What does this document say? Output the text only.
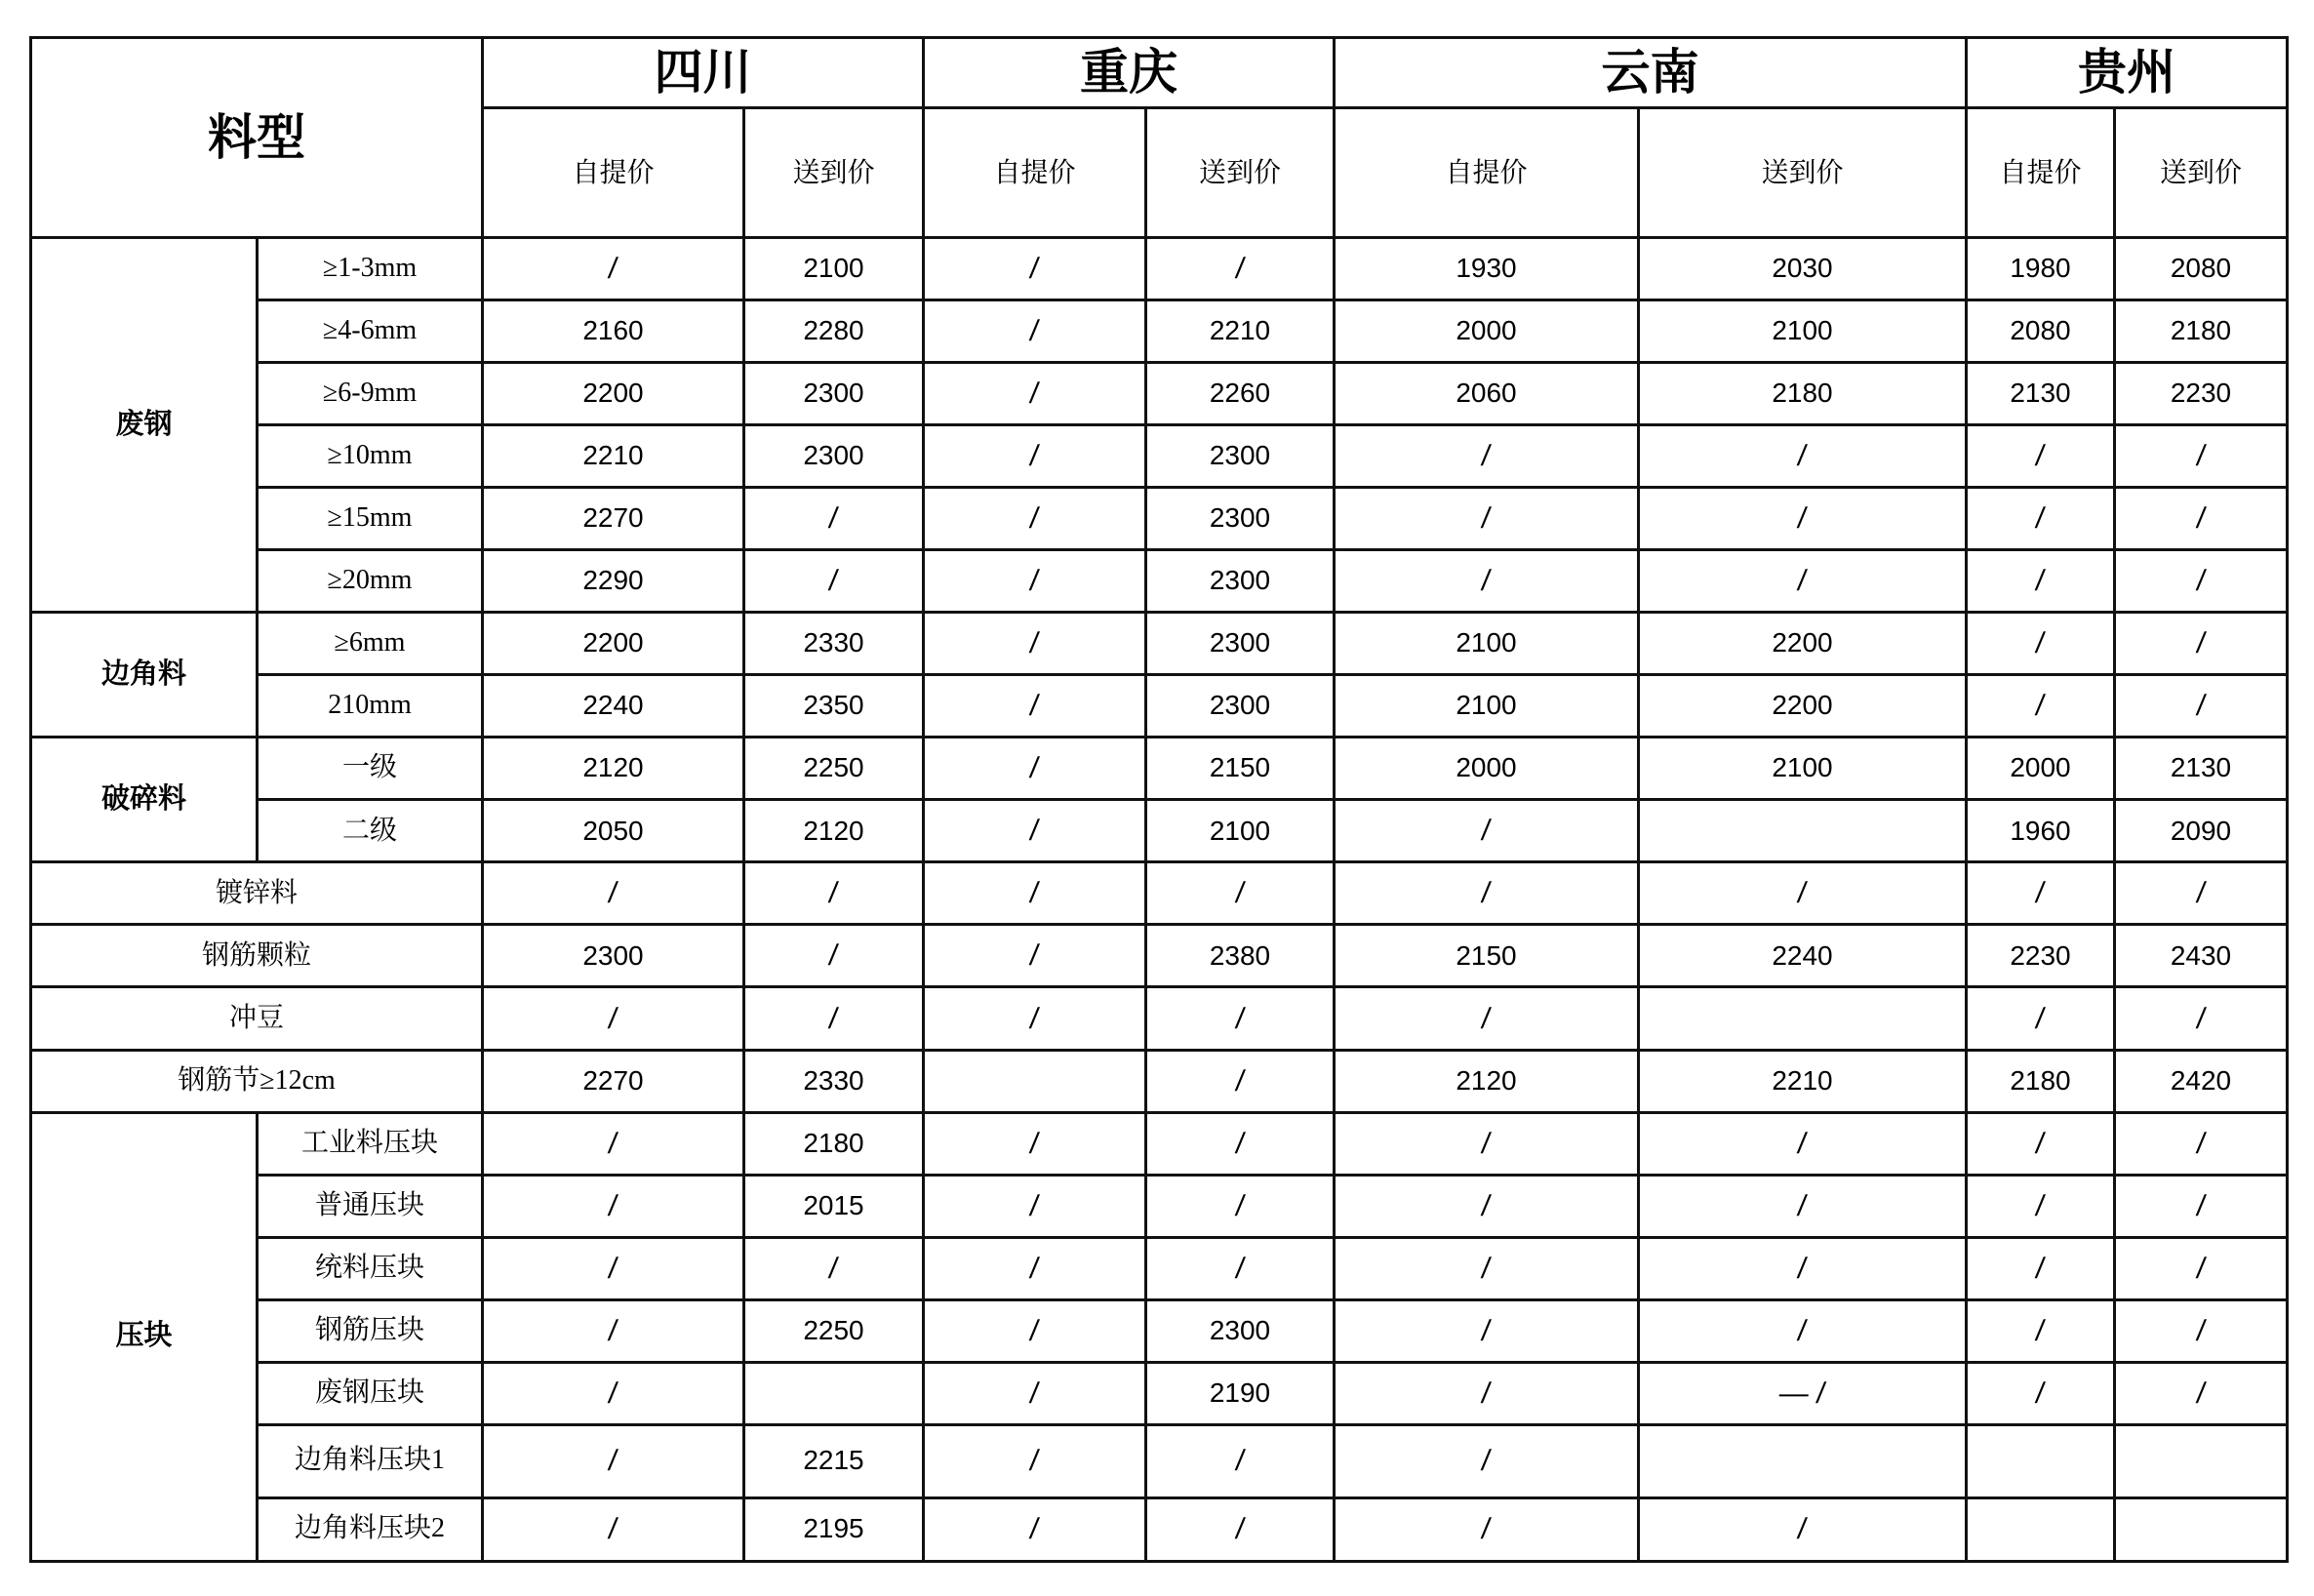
料型		四川		重庆		云南		贵州	
		自提价	送到价	自提价	送到价	自提价	送到价	自提价	送到价
废钢	≥1-3mm	/	2100	/	/	1930	2030	1980	2080
	≥4-6mm	2160	2280	/	2210	2000	2100	2080	2180
	≥6-9mm	2200	2300	/	2260	2060	2180	2130	2230
	≥10mm	2210	2300	/	2300	/	/	/	/
	≥15mm	2270	/	/	2300	/	/	/	/
	≥20mm	2290	/	/	2300	/	/	/	/
边角料	≥6mm	2200	2330	/	2300	2100	2200	/	/
	210mm	2240	2350	/	2300	2100	2200	/	/
破碎料	一级	2120	2250	/	2150	2000	2100	2000	2130
	二级	2050	2120	/	2100	/		1960	2090
镀锌料		/	/	/	/	/	/	/	/
钢筋颗粒		2300	/	/	2380	2150	2240	2230	2430
冲豆		/	/	/	/	/		/	/
钢筋节≥12cm		2270	2330		/	2120	2210	2180	2420
压块	工业料压块	/	2180	/	/	/	/	/	/
	普通压块	/	2015	/	/	/	/	/	/
	统料压块	/	/	/	/	/	/	/	/
	钢筋压块	/	2250	/	2300	/	/	/	/
	废钢压块	/		/	2190	/	— /	/	/
	边角料压块1	/	2215	/	/	/			
	边角料压块2	/	2195	/	/	/	/		
